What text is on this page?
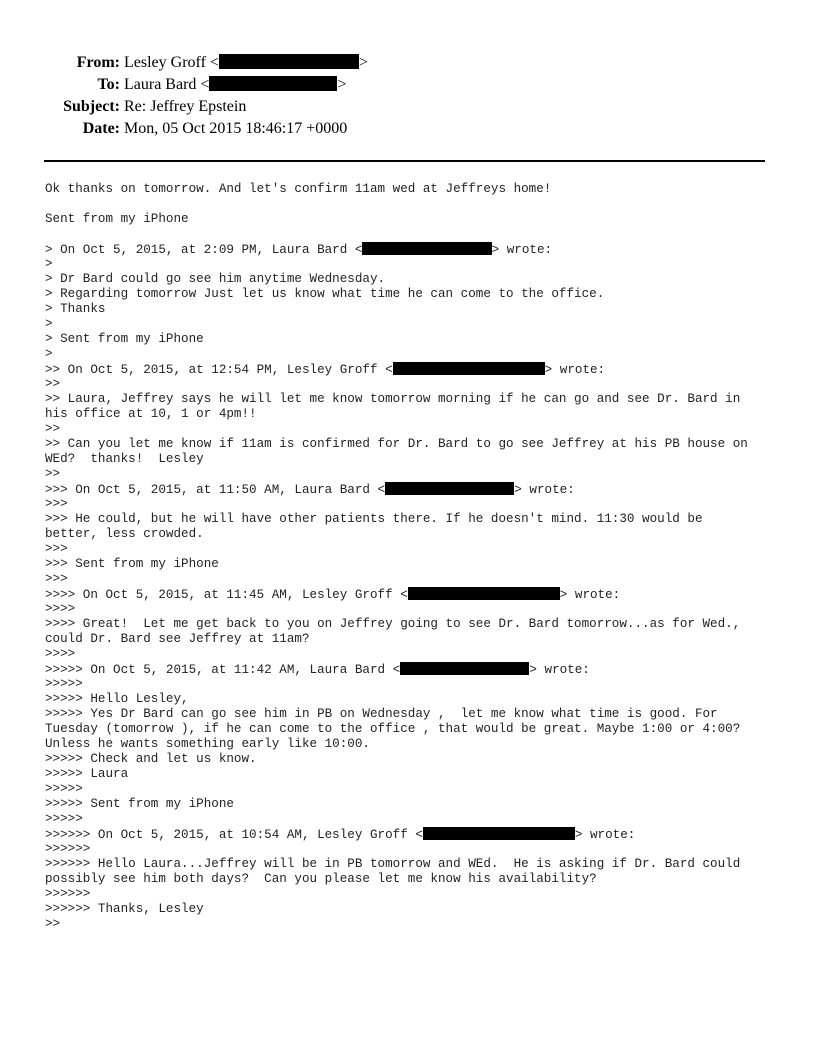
From: Lesley Groff <	>
To: Laura Bard <	>
Subject: Re: Jeffrey Epstein
Date: Mon, 05 Oct 2015 18:46:17 +0000
Ok thanks on tomorrow. And let's confirm 11am wed at Jeffreys home!
Sent from my iPhone
> On Oct 5, 2015, at 2:09 PM, Laura Bard <	> wrote:
>
> Dr Bard could go see him anytime Wednesday.
> Regarding tomorrow Just let us know what time he can come to the office.
> Thanks
>
> Sent from my iPhone
>
>> On Oct 5, 2015, at 12:54 PM, Lesley Groff <	> wrote:
>>
>> Laura, Jeffrey says he will let me know tomorrow morning if he can go and see Dr. Bard in
his office at 10, 1 or 4pm!!
>>
>> Can you let me know if 11am is confirmed for Dr. Bard to go see Jeffrey at his PB house on
WEd?  thanks!  Lesley
>>
>>> On Oct 5, 2015, at 11:50 AM, Laura Bard <	> wrote:
>>>
>>> He could, but he will have other patients there. If he doesn't mind. 11:30 would be
better, less crowded.
>>>
>>> Sent from my iPhone
>>>
>>>> On Oct 5, 2015, at 11:45 AM, Lesley Groff <	> wrote:
>>>>
>>>> Great!  Let me get back to you on Jeffrey going to see Dr. Bard tomorrow...as for Wed.,
could Dr. Bard see Jeffrey at 11am?
>>>>
>>>>> On Oct 5, 2015, at 11:42 AM, Laura Bard <	> wrote:
>>>>>
>>>>> Hello Lesley,
>>>>> Yes Dr Bard can go see him in PB on Wednesday ,  let me know what time is good. For
Tuesday (tomorrow ), if he can come to the office , that would be great. Maybe 1:00 or 4:00?
Unless he wants something early like 10:00.
>>>>> Check and let us know.
>>>>> Laura
>>>>>
>>>>> Sent from my iPhone
>>>>>
>>>>>> On Oct 5, 2015, at 10:54 AM, Lesley Groff <	> wrote:
>>>>>>
>>>>>> Hello Laura...Jeffrey will be in PB tomorrow and WEd.  He is asking if Dr. Bard could
possibly see him both days?  Can you please let me know his availability?
>>>>>>
>>>>>> Thanks, Lesley
>>
